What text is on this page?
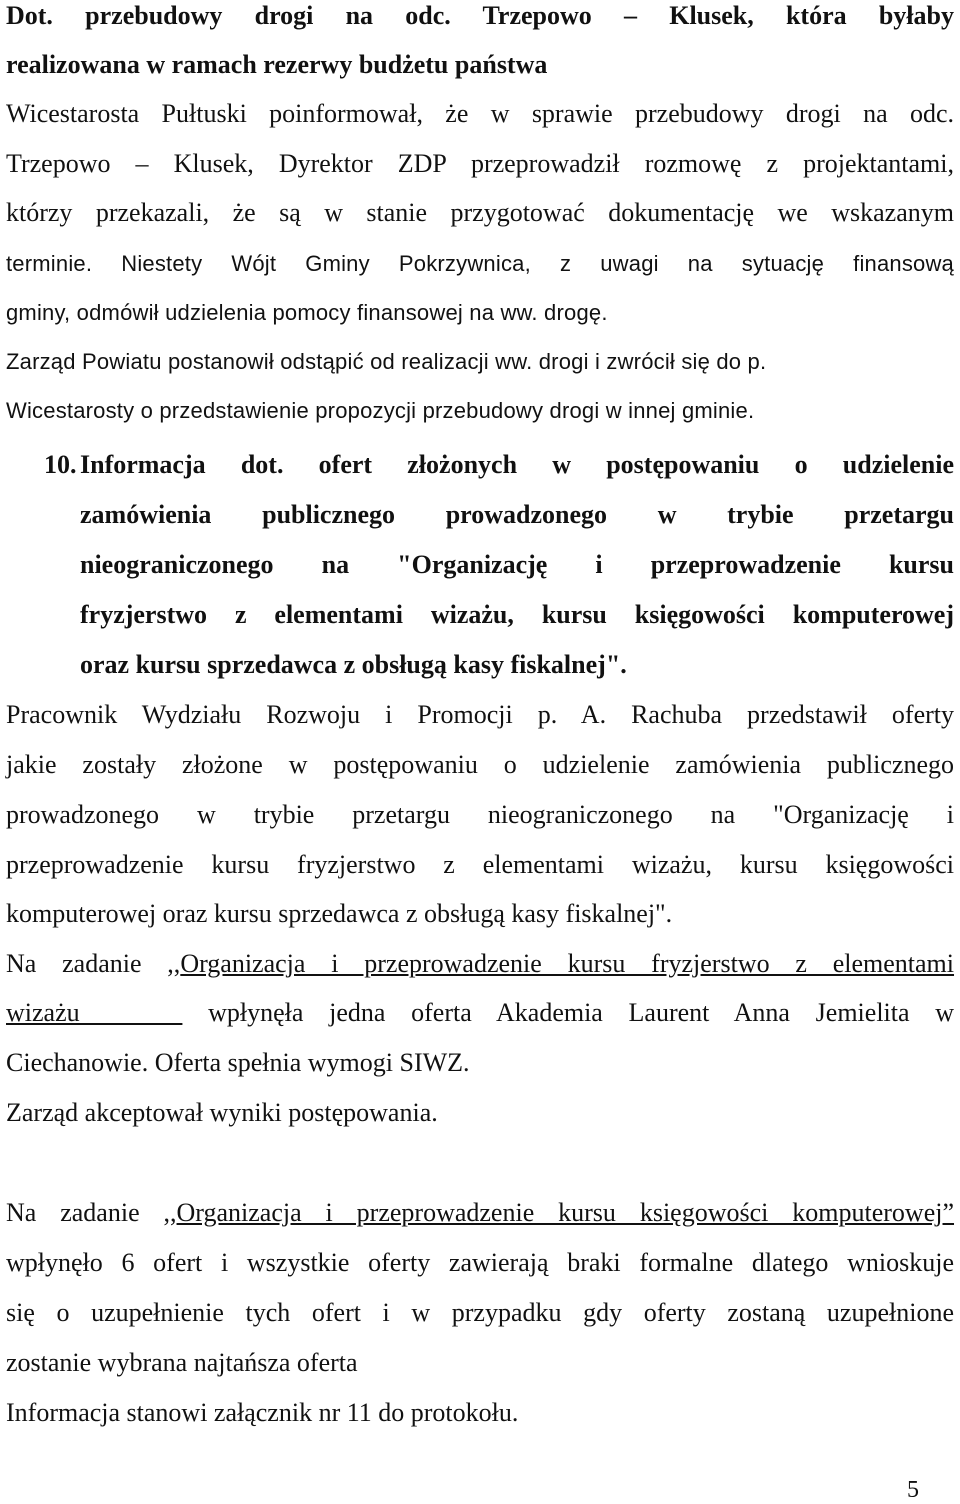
Dot. przebudowy drogi na odc. Trzepowo – Klusek, która byłaby
realizowana w ramach rezerwy budżetu państwa
Wicestarosta Pułtuski poinformował, że w sprawie przebudowy drogi na odc.
Trzepowo – Klusek, Dyrektor ZDP przeprowadził rozmowę z projektantami,
którzy przekazali, że są w stanie przygotować dokumentację we wskazanym
terminie. Niestety Wójt Gminy Pokrzywnica, z uwagi na sytuację finansową
gminy, odmówił udzielenia pomocy finansowej na ww. drogę.
Zarząd Powiatu postanowił odstąpić od realizacji ww. drogi i zwrócił się do p.
Wicestarosty o przedstawienie propozycji przebudowy drogi w innej gminie.
10. Informacja dot. ofert złożonych w postępowaniu o udzielenie
zamówienia publicznego prowadzonego w trybie przetargu
nieograniczonego na "Organizację i przeprowadzenie kursu
fryzjerstwo z elementami wizażu, kursu księgowości komputerowej
oraz kursu sprzedawca z obsługą kasy fiskalnej".
Pracownik Wydziału Rozwoju i Promocji p. A. Rachuba przedstawił oferty
jakie zostały złożone w postępowaniu o udzielenie zamówienia publicznego
prowadzonego w trybie przetargu nieograniczonego na "Organizację i
przeprowadzenie kursu fryzjerstwo z elementami wizażu, kursu księgowości
komputerowej oraz kursu sprzedawca z obsługą kasy fiskalnej".
Na zadanie ,,Organizacja i przeprowadzenie kursu fryzjerstwo z elementami
wizażu     wpłynęła jedna oferta Akademia Laurent Anna Jemielita w
Ciechanowie. Oferta spełnia wymogi SIWZ.
Zarząd akceptował wyniki postępowania.
Na zadanie ,,Organizacja i przeprowadzenie kursu księgowości komputerowej”
wpłynęło 6 ofert i wszystkie oferty zawierają braki formalne dlatego wnioskuje
się o uzupełnienie tych ofert i w przypadku gdy oferty zostaną uzupełnione
zostanie wybrana najtańsza oferta
Informacja stanowi załącznik nr 11 do protokołu.
5
